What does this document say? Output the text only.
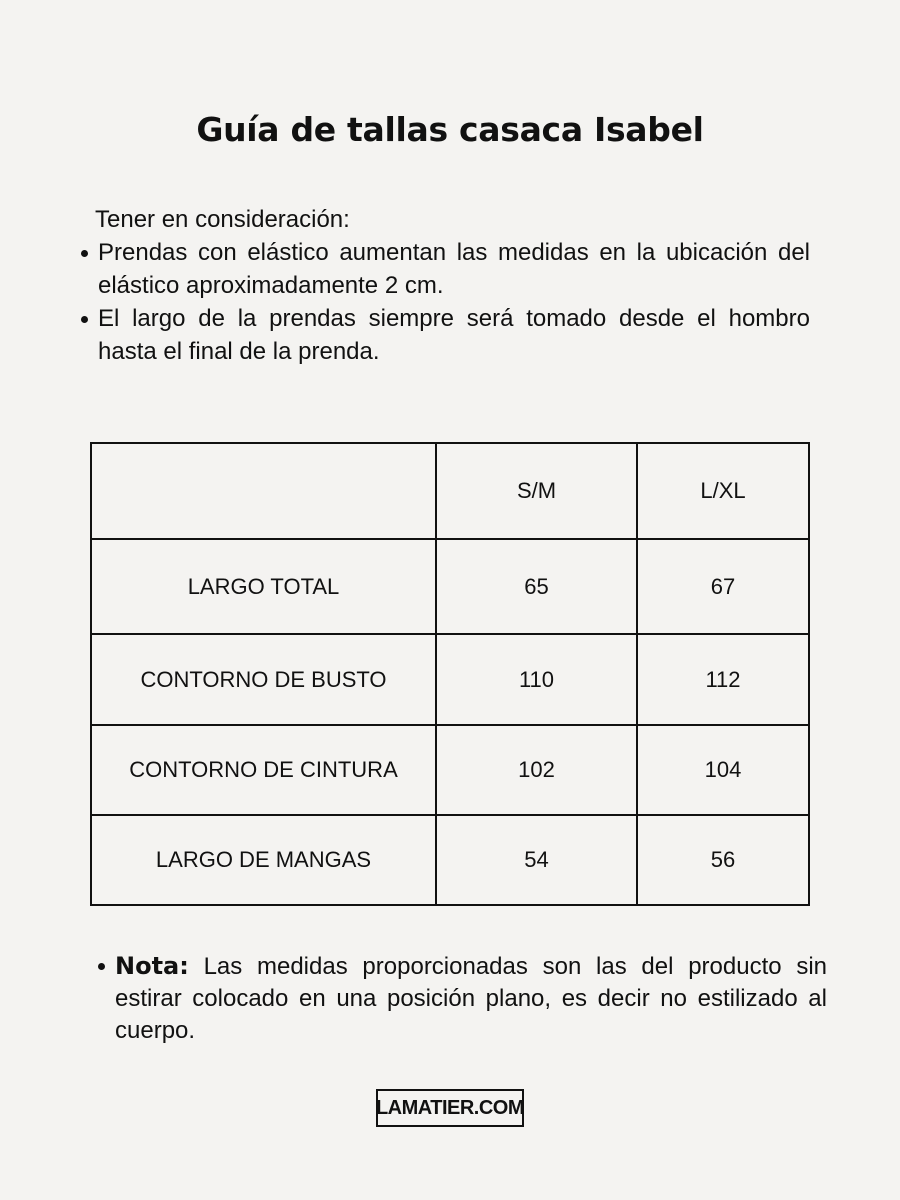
Guía de tallas casaca Isabel
Tener en consideración:
Prendas con elástico aumentan las medidas en la ubicación del elástico aproximadamente 2 cm.
El largo de la prendas siempre será tomado desde el hombro hasta el final de la prenda.
	S/M	L/XL
LARGO TOTAL	65	67
CONTORNO DE BUSTO	110	112
CONTORNO DE CINTURA	102	104
LARGO DE MANGAS	54	56
Nota: Las medidas proporcionadas son las del producto sin estirar colocado en una posición plano, es decir no estilizado al cuerpo.
LAMATIER.COM
